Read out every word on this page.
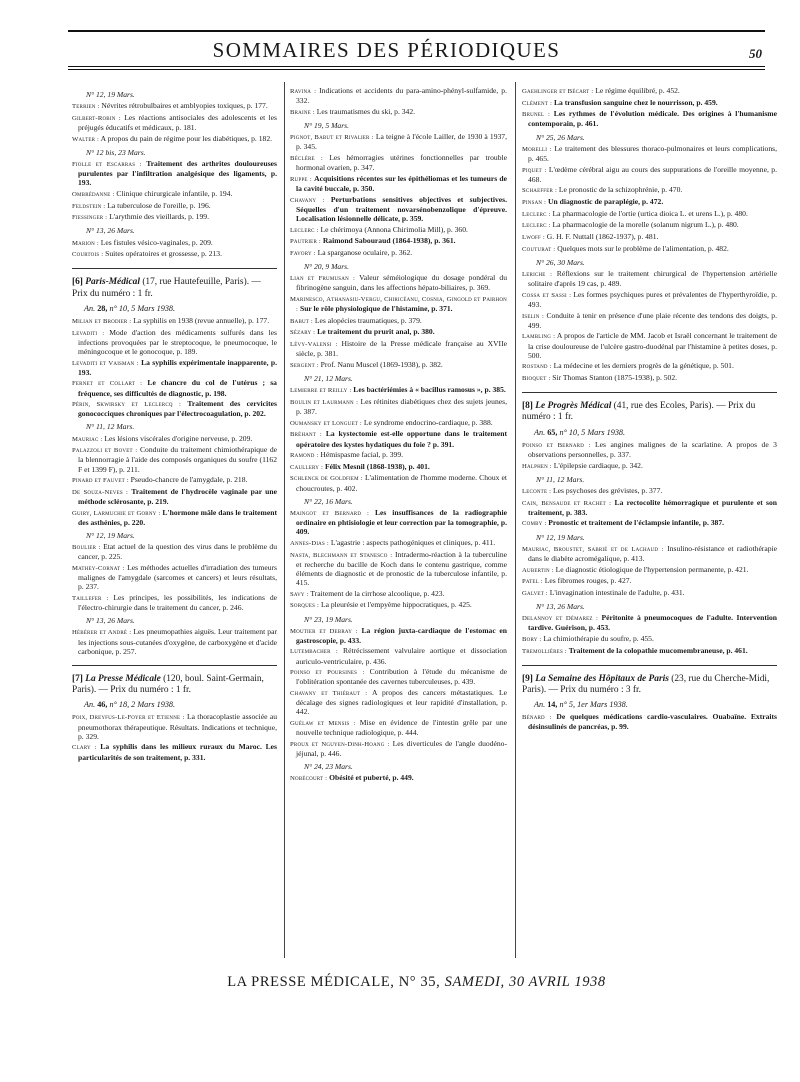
SOMMAIRES DES PÉRIODIQUES	50
N° 12, 19 Mars.
Terrien : Névrites rétrobulbaires et amblyopies toxiques, p. 177.
Gilbert-Robin : Les réactions antisociales des adolescents et les préjugés éducatifs et médicaux, p. 181.
Walter : A propos du pain de régime pour les diabétiques, p. 182.
N° 12 bis, 23 Mars.
Fiolle et Escarras : Traitement des arthrites douloureuses purulentes par l'infiltration analgésique des ligaments, p. 193.
Ombrédanne : Clinique chirurgicale infantile, p. 194.
Feldstein : La tuberculose de l'oreille, p. 196.
Fiessinger : L'arythmie des vieillards, p. 199.
N° 13, 26 Mars.
Marion : Les fistules vésico-vaginales, p. 209.
Courtois : Suites opératoires et grossesse, p. 213.
[6] Paris-Médical (17, rue Hautefeuille, Paris). — Prix du numéro : 1 fr.
An. 28, n° 10, 5 Mars 1938.
Milian et Brodier : La syphilis en 1938 (revue annuelle), p. 177.
Levaditi : Mode d'action des médicaments sulfurés dans les infections provoquées par le streptocoque, le pneumocoque, le méningocoque et le gonocoque, p. 189.
Levaditi et Vaisman : La syphilis expérimentale inapparente, p. 193.
Fernet et Collart : Le chancre du col de l'utérus ; sa fréquence, ses difficultés de diagnostic, p. 198.
Périn, Skwirsky et Leclercq : Traitement des cervicites gonococciques chroniques par l'électrocoagulation, p. 202.
N° 11, 12 Mars.
Mauriac : Les lésions viscérales d'origine nerveuse, p. 209.
Palazzoli et Bovet : Conduite du traitement chimiothérapique de la blennorragie à l'aide des composés organiques du soufre (1162 F et 1399 F), p. 211.
Pinard et Fauvet : Pseudo-chancre de l'amygdale, p. 218.
De Souza-Neves : Traitement de l'hydrocèle vaginale par une méthode sclérosante, p. 219.
Guiry, Larmuchie et Gorny : L'hormone mâle dans le traitement des asthénies, p. 220.
N° 12, 19 Mars.
Boulier : Etat actuel de la question des virus dans le problème du cancer, p. 225.
Mathey-Cornat : Les méthodes actuelles d'irradiation des tumeurs malignes de l'amygdale (sarcomes et cancers) et leurs résultats, p. 237.
Taillefer : Les principes, les possibilités, les indications de l'électro-chirurgie dans le traitement du cancer, p. 246.
N° 13, 26 Mars.
Hébérer et André : Les pneumopathies aiguës. Leur traitement par les injections sous-cutanées d'oxygène, de carboxygène et d'acide carbonique, p. 257.
[7] La Presse Médicale (120, boul. Saint-Germain, Paris). — Prix du numéro : 1 fr.
An. 46, n° 18, 2 Mars 1938.
Poix, Dreyfus-Le-Foyer et Etienne : La thoracoplastie associée au pneumothorax thérapeutique. Résultats. Indications et technique, p. 329.
Clary : La syphilis dans les milieux ruraux du Maroc. Les particularités de son traitement, p. 331.
Ravina : Indications et accidents du para-amino-phényl-sulfamide, p. 332.
Braine : Les traumatismes du ski, p. 342.
N° 19, 5 Mars.
Pignot, Babut et Rivalier : La teigne à l'école Lailler, de 1930 à 1937, p. 345.
Béclère : Les hémorragies utérines fonctionnelles par trouble hormonal ovarien, p. 347.
Ruppe : Acquisitions récentes sur les épithéliomas et les tumeurs de la cavité buccale, p. 350.
Chavany : Perturbations sensitives objectives et subjectives. Séquelles d'un traitement novarsénobenzolique d'épreuve. Localisation lésionnelle délicate, p. 359.
Leclerc : Le chérimoya (Annona Chirimolia Mill), p. 360.
Pautrier : Raimond Sabouraud (1864-1938), p. 361.
Favory : La sparganose oculaire, p. 362.
N° 20, 9 Mars.
Lian et Frumusan : Valeur séméiologique du dosage pondéral du fibrinogène sanguin, dans les affections hépato-biliaires, p. 369.
Marinesco, Athanasiu-Vergu, Chiricéanu, Cosnia, Gingold et Pairhon : Sur le rôle physiologique de l'histamine, p. 371.
Babut : Les alopécies traumatiques, p. 379.
Sézary : Le traitement du prurit anal, p. 380.
Lévy-Valensi : Histoire de la Presse médicale française au XVIIe siècle, p. 381.
Sergent : Prof. Nanu Muscel (1869-1938), p. 382.
N° 21, 12 Mars.
Lemierre et Reilly : Les bactériémies à « bacillus ramosus », p. 385.
Boulin et Laurmann : Les rétinites diabétiques chez des sujets jeunes, p. 387.
Oumansky et Longuet : Le syndrome endocrino-cardiaque, p. 388.
Bréhant : La kystectomie est-elle opportune dans le traitement opératoire des kystes hydatiques du foie ? p. 391.
Ramond : Hémispasme facial, p. 399.
Caullery : Félix Mesnil (1868-1938), p. 401.
Schlenck de Goldfiem : L'alimentation de l'homme moderne. Choux et choucroutes, p. 402.
N° 22, 16 Mars.
Maingot et Bernard : Les insuffisances de la radiographie ordinaire en phtisiologie et leur correction par la tomographie, p. 409.
Annes-Dias : L'agastrie : aspects pathogéniques et cliniques, p. 411.
Nasta, Blechmann et Stanesco : Intradermo-réaction à la tuberculine et recherche du bacille de Koch dans le contenu gastrique, comme éléments de diagnostic et de pronostic de la tuberculose infantile, p. 415.
Savy : Traitement de la cirrhose alcoolique, p. 423.
Sorques : La pleurésie et l'empyème hippocratiques, p. 425.
N° 23, 19 Mars.
Moutier et Debray : La région juxta-cardiaque de l'estomac en gastroscopie, p. 433.
Lutembacher : Rétrécissement valvulaire aortique et dissociation auriculo-ventriculaire, p. 436.
Poinso et Poursines : Contribution à l'étude du mécanisme de l'oblitération spontanée des cavernes tuberculeuses, p. 439.
Chavany et Thiébaut : A propos des cancers métastatiques. Le décalage des signes radiologiques et leur rapidité d'installation, p. 442.
Guélaw et Mensis : Mise en évidence de l'intestin grêle par une nouvelle technique radiologique, p. 444.
Proux et Nguyen-Dinh-Hoang : Les diverticules de l'angle duodéno-jéjunal, p. 446.
N° 24, 23 Mars.
Nobécourt : Obésité et puberté, p. 449.
Gaehlinger et Bécart : Le régime équilibré, p. 452.
Clément : La transfusion sanguine chez le nourrisson, p. 459.
Brunel : Les rythmes de l'évolution médicale. Des origines à l'humanisme contemporain, p. 461.
N° 25, 26 Mars.
Morelli : Le traitement des blessures thoraco-pulmonaires et leurs complications, p. 465.
Piquet : L'œdème cérébral aigu au cours des suppurations de l'oreille moyenne, p. 468.
Schaeffer : Le pronostic de la schizophrénie, p. 470.
Pinsan : Un diagnostic de paraplégie, p. 472.
Leclerc : La pharmacologie de l'ortie (urtica dioica L. et urens L.), p. 480.
Leclerc : La pharmacologie de la morelle (solanum nigrum L.), p. 480.
Lwoff : G. H. F. Nuttall (1862-1937), p. 481.
Couturat : Quelques mots sur le problème de l'alimentation, p. 482.
N° 26, 30 Mars.
Leriche : Réflexions sur le traitement chirurgical de l'hypertension artérielle solitaire d'après 19 cas, p. 489.
Cossa et Sassi : Les formes psychiques pures et prévalentes de l'hyperthyroïdie, p. 493.
Iselin : Conduite à tenir en présence d'une plaie récente des tendons des doigts, p. 499.
Lambling : A propos de l'article de MM. Jacob et Israël concernant le traitement de la crise douloureuse de l'ulcère gastro-duodénal par l'histamine à petites doses, p. 500.
Rostand : La médecine et les derniers progrès de la génétique, p. 501.
Bioquet : Sir Thomas Stanton (1875-1938), p. 502.
[8] Le Progrès Médical (41, rue des Ecoles, Paris). — Prix du numéro : 1 fr.
An. 65, n° 10, 5 Mars 1938.
Poinso et Bernard : Les angines malignes de la scarlatine. A propos de 3 observations personnelles, p. 337.
Halphen : L'épilepsie cardiaque, p. 342.
N° 11, 12 Mars.
Leconte : Les psychoses des grévistes, p. 377.
Cain, Bensaude et Rachet : La rectocolite hémorragique et purulente et son traitement, p. 383.
Comby : Pronostic et traitement de l'éclampsie infantile, p. 387.
N° 12, 19 Mars.
Mauriac, Broustet, Sabrié et de Lachaud : Insulino-résistance et radiothérapie dans le diabète acromégalique, p. 413.
Aubertin : Le diagnostic étiologique de l'hypertension permanente, p. 421.
Patel : Les fibromes rouges, p. 427.
Galvet : L'invagination intestinale de l'adulte, p. 431.
N° 13, 26 Mars.
Delannoy et Démarez : Péritonite à pneumocoques de l'adulte. Intervention tardive. Guérison, p. 453.
Bory : La chimiothérapie du soufre, p. 455.
Tremollières : Traitement de la colopathie mucomembraneuse, p. 461.
[9] La Semaine des Hôpitaux de Paris (23, rue du Cherche-Midi, Paris). — Prix du numéro : 3 fr.
An. 14, n° 5, 1er Mars 1938.
Bénard : De quelques médications cardio-vasculaires. Ouabaïne. Extraits désinsulinés de pancréas, p. 99.
LA PRESSE MÉDICALE, N° 35, SAMEDI, 30 AVRIL 1938
